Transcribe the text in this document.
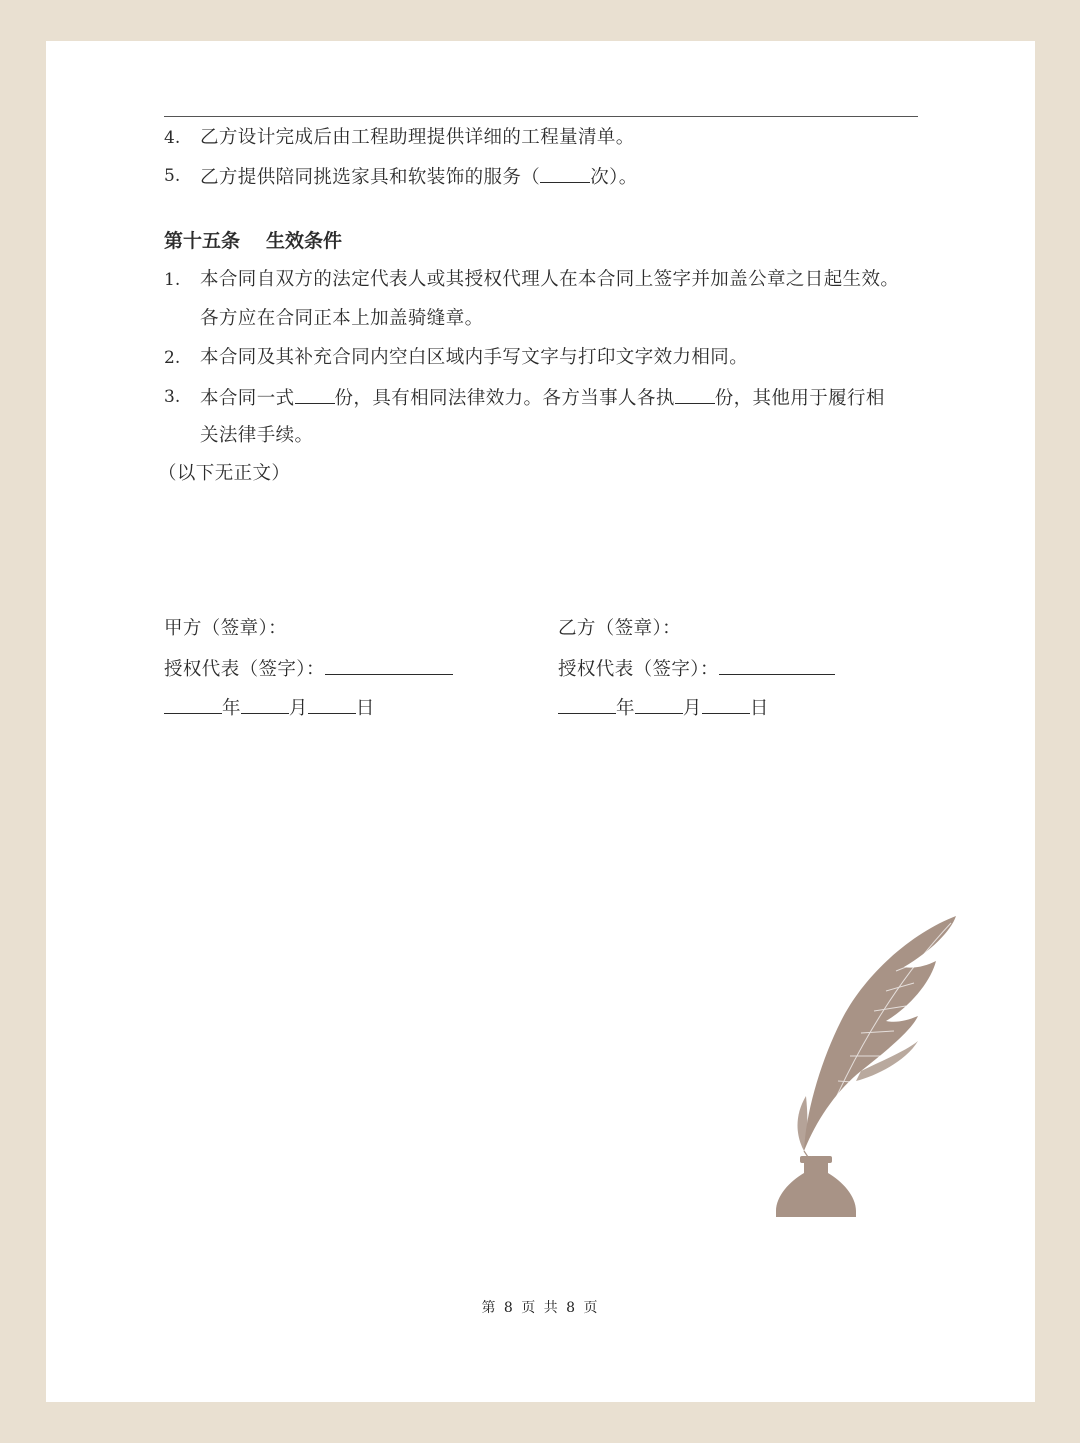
4. 乙方设计完成后由工程助理提供详细的工程量清单。
5. 乙方提供陪同挑选家具和软装饰的服务（	次）。
第十五条 生效条件
1. 本合同自双方的法定代表人或其授权代理人在本合同上签字并加盖公章之日起生效。
各方应在合同正本上加盖骑缝章。
2. 本合同及其补充合同内空白区域内手写文字与打印文字效力相同。
3. 本合同一式 份，具有相同法律效力。各方当事人各执 份，其他用于履行相
关法律手续。
（以下无正文）
甲方（签章）：
授权代表（签字）：
年	月	日
乙方（签章）：
授权代表（签字）：
年	月	日
第 8 页 共 8 页
